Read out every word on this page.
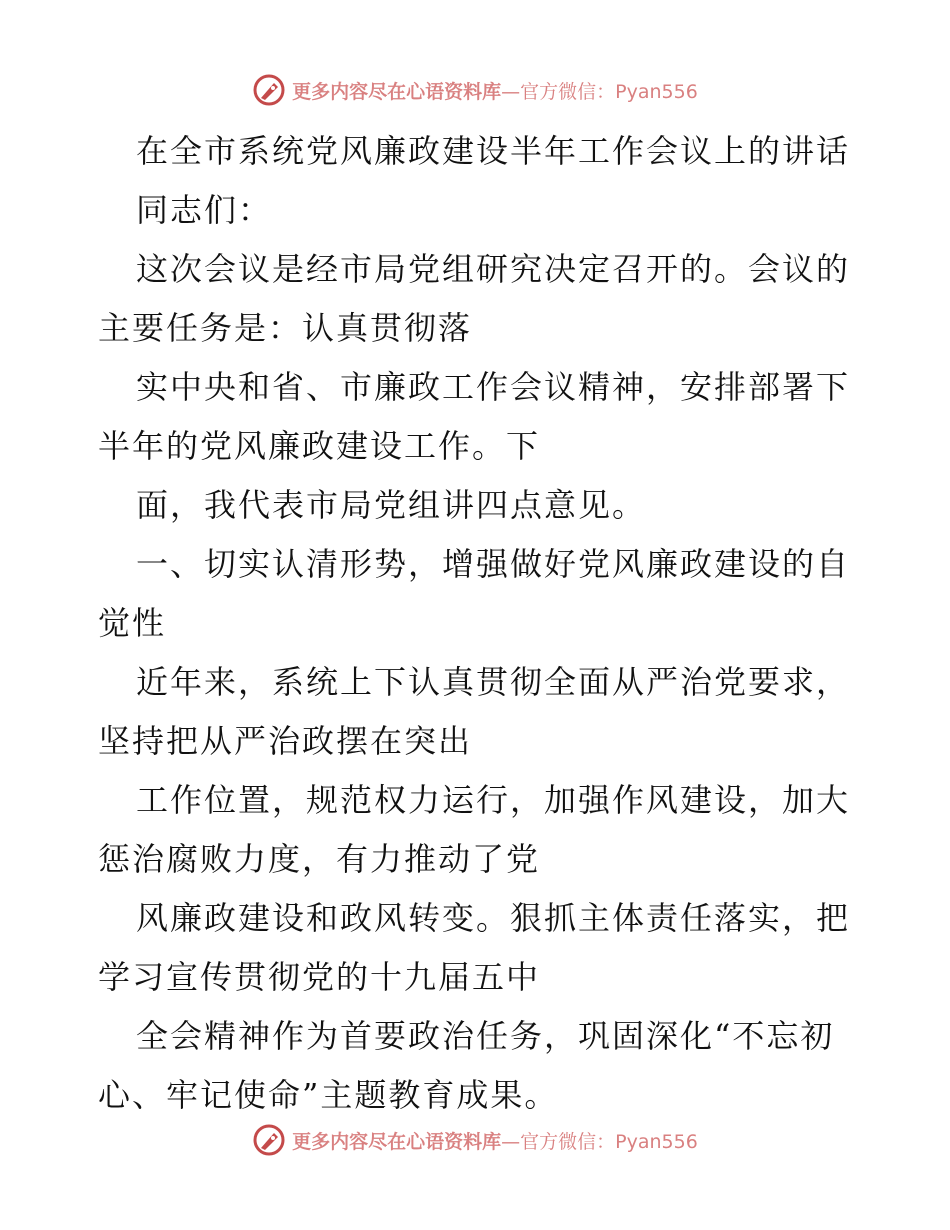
更多内容尽在心语资料库—官方微信：Pyan556
在全市系统党风廉政建设半年工作会议上的讲话
同志们：
这次会议是经市局党组研究决定召开的。会议的
主要任务是：认真贯彻落
实中央和省、市廉政工作会议精神，安排部署下
半年的党风廉政建设工作。下
面，我代表市局党组讲四点意见。
一、切实认清形势，增强做好党风廉政建设的自
觉性
近年来，系统上下认真贯彻全面从严治党要求，
坚持把从严治政摆在突出
工作位置，规范权力运行，加强作风建设，加大
惩治腐败力度，有力推动了党
风廉政建设和政风转变。狠抓主体责任落实，把
学习宣传贯彻党的十九届五中
全会精神作为首要政治任务，巩固深化“不忘初
心、牢记使命”主题教育成果。
更多内容尽在心语资料库—官方微信：Pyan556
